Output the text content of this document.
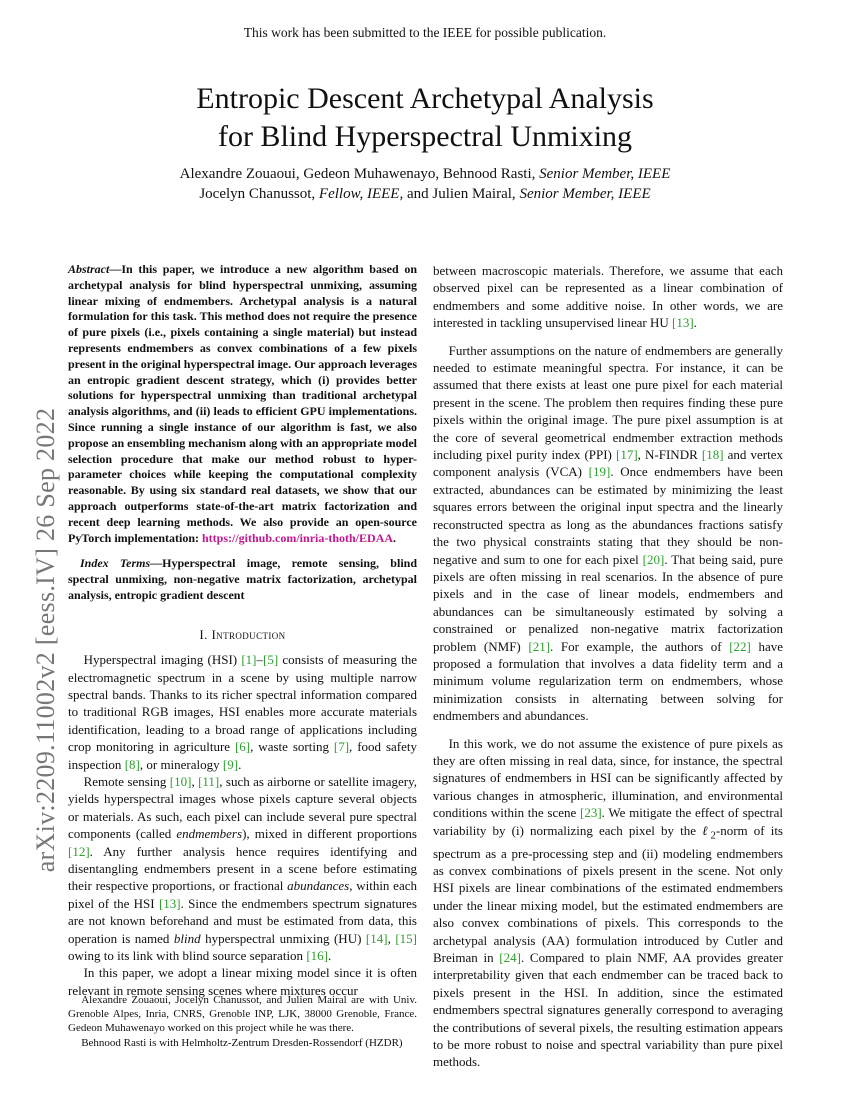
This work has been submitted to the IEEE for possible publication.
Entropic Descent Archetypal Analysis
for Blind Hyperspectral Unmixing
Alexandre Zouaoui, Gedeon Muhawenayo, Behnood Rasti, Senior Member, IEEE
Jocelyn Chanussot, Fellow, IEEE, and Julien Mairal, Senior Member, IEEE
arXiv:2209.11002v2 [eess.IV] 26 Sep 2022

Abstract—In this paper, we introduce a new algorithm based on archetypal analysis for blind hyperspectral unmixing, assuming linear mixing of endmembers. Archetypal analysis is a natural formulation for this task. This method does not require the presence of pure pixels (i.e., pixels containing a single material) but instead represents endmembers as convex combinations of a few pixels present in the original hyperspectral image. Our approach leverages an entropic gradient descent strategy, which (i) provides better solutions for hyperspectral unmixing than traditional archetypal analysis algorithms, and (ii) leads to efficient GPU implementations. Since running a single instance of our algorithm is fast, we also propose an ensembling mechanism along with an appropriate model selection procedure that make our method robust to hyper-parameter choices while keeping the computational complexity reasonable. By using six standard real datasets, we show that our approach outperforms state-of-the-art matrix factorization and recent deep learning methods. We also provide an open-source PyTorch implementation: https://github.com/inria-thoth/EDAA.

Index Terms—Hyperspectral image, remote sensing, blind spectral unmixing, non-negative matrix factorization, archetypal analysis, entropic gradient descent

I. Introduction

Hyperspectral imaging (HSI) [1]–[5] consists of measuring the electromagnetic spectrum in a scene by using multiple narrow spectral bands. Thanks to its richer spectral information compared to traditional RGB images, HSI enables more accurate materials identification, leading to a broad range of applications including crop monitoring in agriculture [6], waste sorting [7], food safety inspection [8], or mineralogy [9].

Remote sensing [10], [11], such as airborne or satellite imagery, yields hyperspectral images whose pixels capture several objects or materials. As such, each pixel can include several pure spectral components (called endmembers), mixed in different proportions [12]. Any further analysis hence requires identifying and disentangling endmembers present in a scene before estimating their respective proportions, or fractional abundances, within each pixel of the HSI [13]. Since the endmembers spectrum signatures are not known beforehand and must be estimated from data, this operation is named blind hyperspectral unmixing (HU) [14], [15] owing to its link with blind source separation [16].

In this paper, we adopt a linear mixing model since it is often relevant in remote sensing scenes where mixtures occur

Alexandre Zouaoui, Jocelyn Chanussot, and Julien Mairal are with Univ. Grenoble Alpes, Inria, CNRS, Grenoble INP, LJK, 38000 Grenoble, France. Gedeon Muhawenayo worked on this project while he was there.

Behnood Rasti is with Helmholtz-Zentrum Dresden-Rossendorf (HZDR)

between macroscopic materials. Therefore, we assume that each observed pixel can be represented as a linear combination of endmembers and some additive noise. In other words, we are interested in tackling unsupervised linear HU [13].

Further assumptions on the nature of endmembers are generally needed to estimate meaningful spectra. For instance, it can be assumed that there exists at least one pure pixel for each material present in the scene. The problem then requires finding these pure pixels within the original image. The pure pixel assumption is at the core of several geometrical endmember extraction methods including pixel purity index (PPI) [17], N-FINDR [18] and vertex component analysis (VCA) [19]. Once endmembers have been extracted, abundances can be estimated by minimizing the least squares errors between the original input spectra and the linearly reconstructed spectra as long as the abundances fractions satisfy the two physical constraints stating that they should be non-negative and sum to one for each pixel [20]. That being said, pure pixels are often missing in real scenarios. In the absence of pure pixels and in the case of linear models, endmembers and abundances can be simultaneously estimated by solving a constrained or penalized non-negative matrix factorization problem (NMF) [21]. For example, the authors of [22] have proposed a formulation that involves a data fidelity term and a minimum volume regularization term on endmembers, whose minimization consists in alternating between solving for endmembers and abundances.

In this work, we do not assume the existence of pure pixels as they are often missing in real data, since, for instance, the spectral signatures of endmembers in HSI can be significantly affected by various changes in atmospheric, illumination, and environmental conditions within the scene [23]. We mitigate the effect of spectral variability by (i) normalizing each pixel by the ℓ$_2$-norm of its spectrum as a pre-processing step and (ii) modeling endmembers as convex combinations of pixels present in the scene. Not only HSI pixels are linear combinations of the estimated endmembers under the linear mixing model, but the estimated endmembers are also convex combinations of pixels. This corresponds to the archetypal analysis (AA) formulation introduced by Cutler and Breiman in [24]. Compared to plain NMF, AA provides greater interpretability given that each endmember can be traced back to pixels present in the HSI. In addition, since the estimated endmembers spectral signatures generally correspond to averaging the contributions of several pixels, the resulting estimation appears to be more robust to noise and spectral variability than pure pixel methods.
